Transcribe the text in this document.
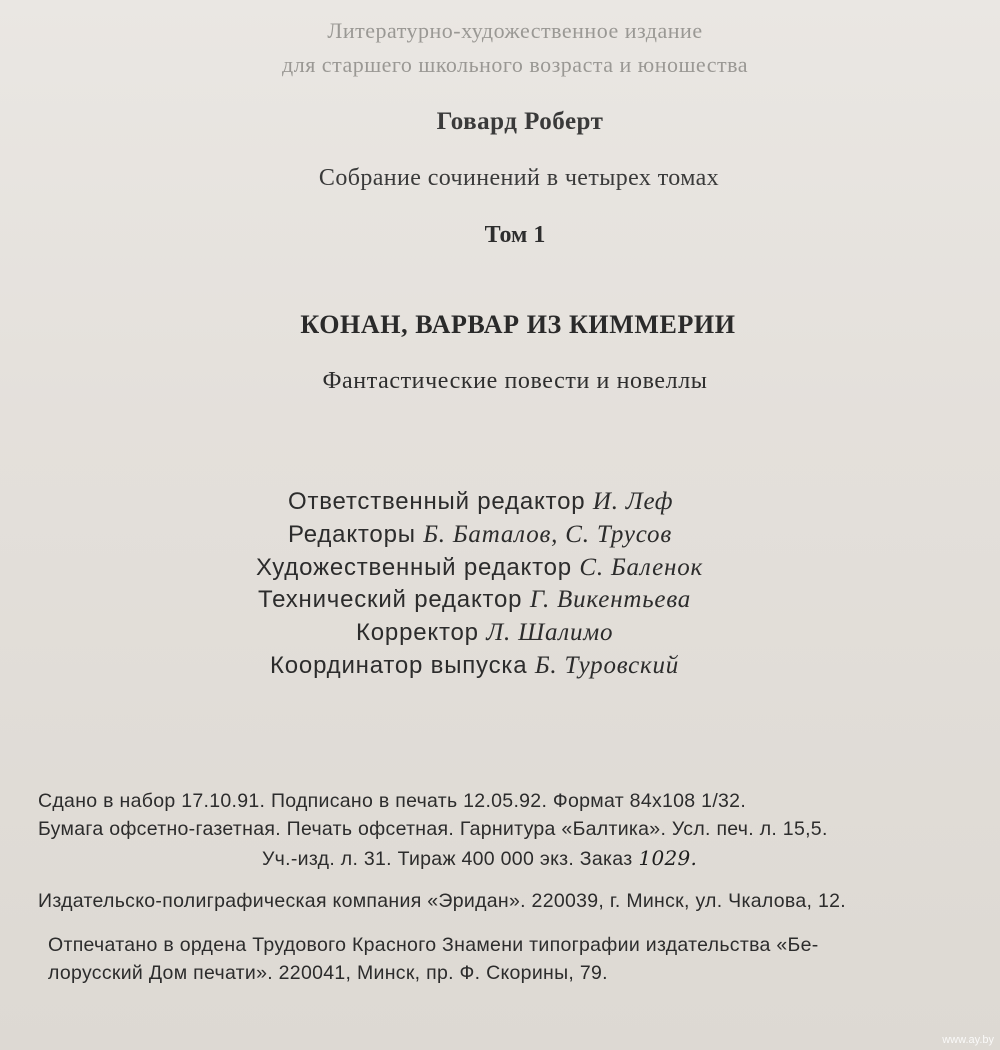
Литературно-художественное издание
для старшего школьного возраста и юношества
Говард Роберт
Собрание сочинений в четырех томах
Том 1
КОНАН, ВАРВАР ИЗ КИММЕРИИ
Фантастические повести и новеллы
Ответственный редактор И. Леф
Редакторы Б. Баталов, С. Трусов
Художественный редактор С. Баленок
Технический редактор Г. Викентьева
Корректор Л. Шалимо
Координатор выпуска Б. Туровский
Сдано в набор 17.10.91. Подписано в печать 12.05.92. Формат 84х108 1/32.
Бумага офсетно-газетная. Печать офсетная. Гарнитура «Балтика». Усл. печ. л. 15,5.
Уч.-изд. л. 31. Тираж 400 000 экз. Заказ 1029.
Издательско-полиграфическая компания «Эридан». 220039, г. Минск, ул. Чкалова, 12.
Отпечатано в ордена Трудового Красного Знамени типографии издательства «Бе-
лорусский Дом печати». 220041, Минск, пр. Ф. Скорины, 79.
www.ay.by
